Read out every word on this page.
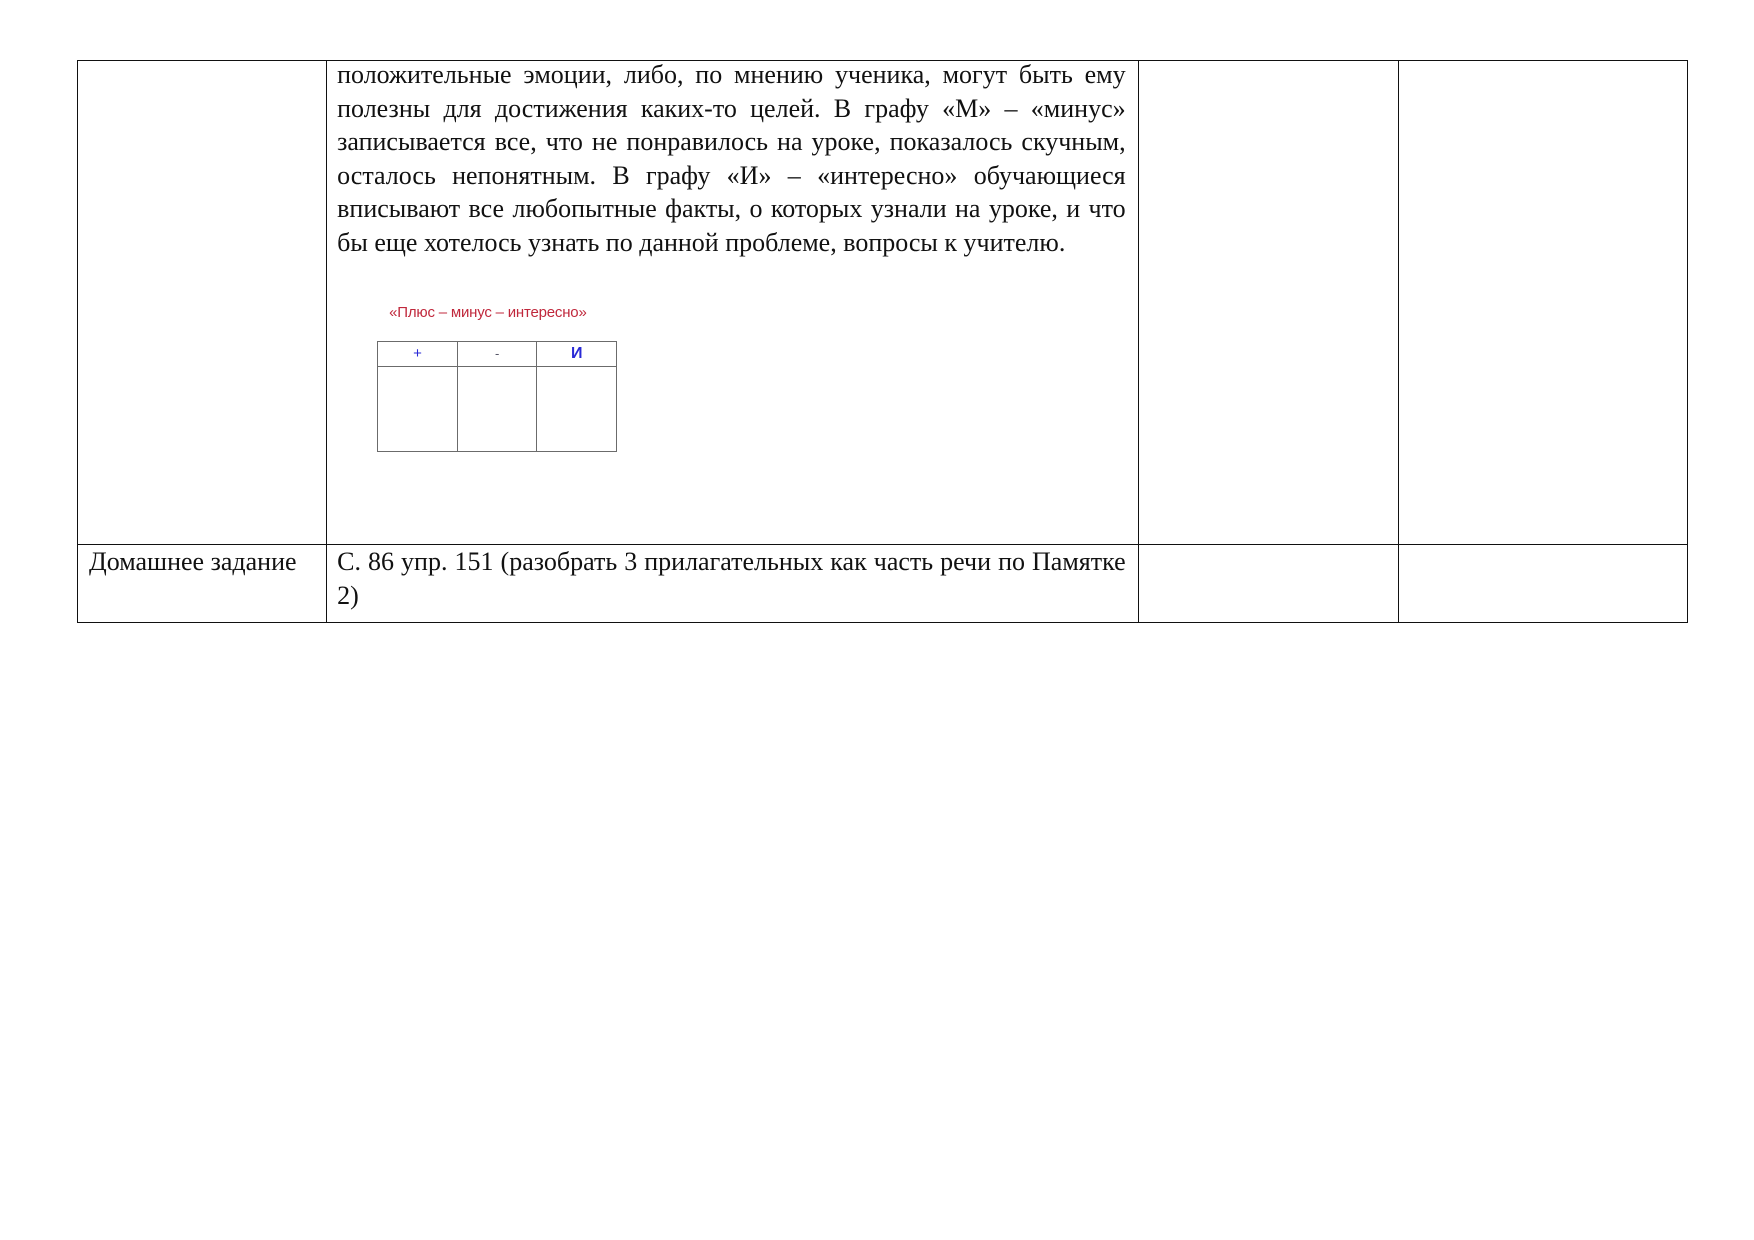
положительные эмоции, либо, по мнению ученика, могут быть ему полезны для достижения каких-то целей. В графу «М» – «минус» записывается все, что не понравилось на уроке, показалось скучным, осталось непонятным. В графу «И» – «интересно» обучающиеся вписывают все любопытные факты, о которых узнали на уроке, и что бы еще хотелось узнать по данной проблеме, вопросы к учителю.
«Плюс – минус – интересно»
+	-	И

Домашнее задание	С. 86 упр. 151 (разобрать 3 прилагательных как часть речи по Памятке 2)
